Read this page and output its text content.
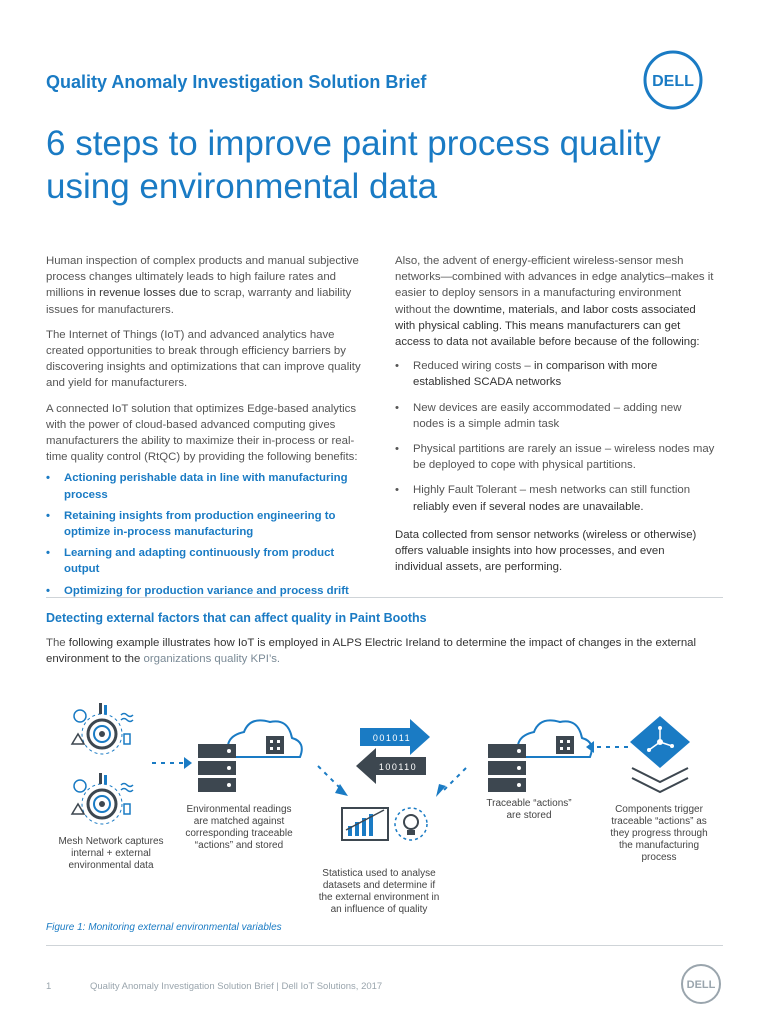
Quality Anomaly Investigation Solution Brief	DELL
6 steps to improve paint process quality
using environmental data

Human inspection of complex products and manual subjective process changes ultimately leads to high failure rates and millions in revenue losses due to scrap, warranty and liability issues for manufacturers.

The Internet of Things (IoT) and advanced analytics have created opportunities to break through efficiency barriers by discovering insights and optimizations that can improve quality and yield for manufacturers.

A connected IoT solution that optimizes Edge-based analytics with the power of cloud-based advanced computing gives manufacturers the ability to maximize their in-process or real-time quality control (RtQC) by providing the following benefits:

• Actioning perishable data in line with manufacturing process
• Retaining insights from production engineering to optimize in-process manufacturing
• Learning and adapting continuously from product output
• Optimizing for production variance and process drift

Also, the advent of energy-efficient wireless-sensor mesh networks—combined with advances in edge analytics–makes it easier to deploy sensors in a manufacturing environment without the downtime, materials, and labor costs associated with physical cabling. This means manufacturers can get access to data not available before because of the following:

• Reduced wiring costs – in comparison with more established SCADA networks
• New devices are easily accommodated – adding new nodes is a simple admin task
• Physical partitions are rarely an issue – wireless nodes may be deployed to cope with physical partitions.
• Highly Fault Tolerant – mesh networks can still function reliably even if several nodes are unavailable.

Data collected from sensor networks (wireless or otherwise) offers valuable insights into how processes, and even individual assets, are performing.

Detecting external factors that can affect quality in Paint Booths
The following example illustrates how IoT is employed in ALPS Electric Ireland to determine the impact of changes in the external environment to the organizations quality KPI’s.
001011
100110
Mesh Network captures
internal + external
environmental data
Environmental readings
are matched against
corresponding traceable
“actions” and stored
Statistica used to analyse
datasets and determine if
the external environment in
an influence of quality
Traceable “actions”
are stored
Components trigger
traceable “actions” as
they progress through
the manufacturing
process
Figure 1: Monitoring external environmental variables
1	Quality Anomaly Investigation Solution Brief | Dell IoT Solutions, 2017	DELL
